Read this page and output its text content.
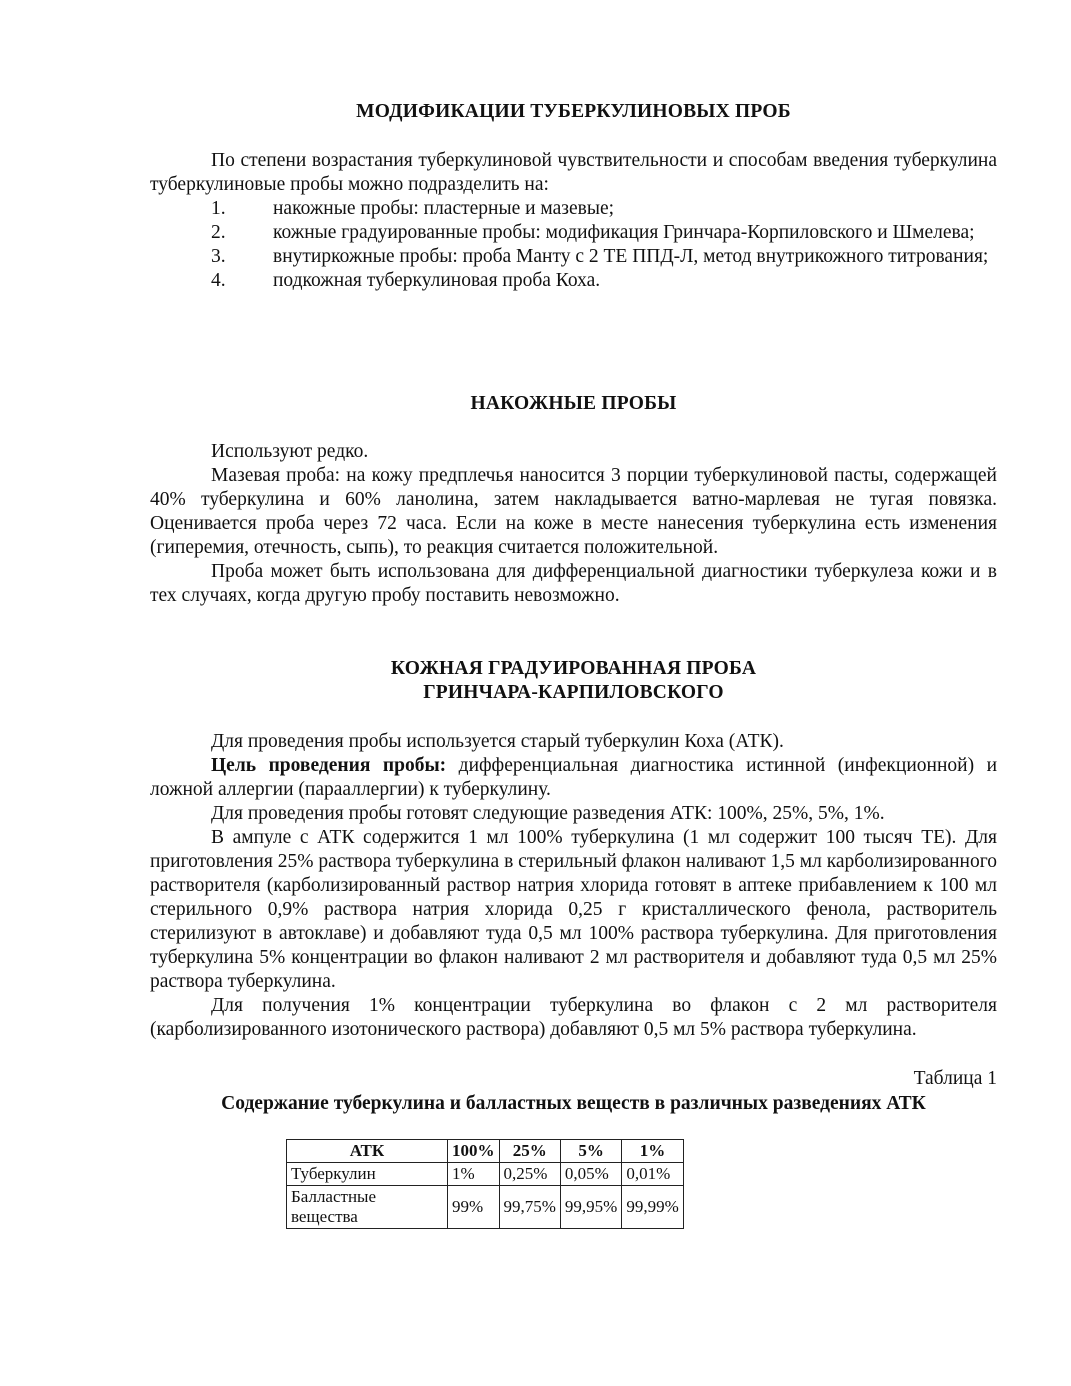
МОДИФИКАЦИИ ТУБЕРКУЛИНОВЫХ ПРОБ

По степени возрастания туберкулиновой чувствительности и способам введения туберкулина туберкулиновые пробы можно подразделить на:

1.	накожные пробы: пластерные и мазевые;
2.	кожные градуированные пробы: модификация Гринчара-Корпиловского и Шмелева;
3.	внутиркожные пробы: проба Манту с 2 ТЕ ППД-Л, метод внутрикожного титрования;
4.	подкожная туберкулиновая проба Коха.
НАКОЖНЫЕ ПРОБЫ

Используют редко.

Мазевая проба: на кожу предплечья наносится 3 порции туберкулиновой пасты, содержащей 40% туберкулина и 60% ланолина, затем накладывается ватно-марлевая не тугая повязка. Оценивается проба через 72 часа. Если на коже в месте нанесения туберкулина есть изменения (гиперемия, отечность, сыпь), то реакция считается положительной.

Проба может быть использована для дифференциальной диагностики туберкулеза кожи и в тех случаях, когда другую пробу поставить невозможно.

КОЖНАЯ ГРАДУИРОВАННАЯ ПРОБА
ГРИНЧАРА-КАРПИЛОВСКОГО

Для проведения пробы используется старый туберкулин Коха (АТК).

Цель проведения пробы: дифференциальная диагностика истинной (инфекционной) и ложной аллергии (парааллергии) к туберкулину.

Для проведения пробы готовят следующие разведения АТК: 100%, 25%, 5%, 1%.

В ампуле с АТК содержится 1 мл 100% туберкулина (1 мл содержит 100 тысяч ТЕ). Для приготовления 25% раствора туберкулина в стерильный флакон наливают 1,5 мл карболизированного растворителя (карболизированный раствор натрия хлорида готовят в аптеке прибавлением к 100 мл стерильного 0,9% раствора натрия хлорида 0,25 г кристаллического фенола, растворитель стерилизуют в автоклаве) и добавляют туда 0,5 мл 100% раствора туберкулина. Для приготовления туберкулина 5% концентрации во флакон наливают 2 мл растворителя и добавляют туда 0,5 мл 25% раствора туберкулина.

Для получения 1% концентрации туберкулина во флакон с 2 мл растворителя (карболизированного изотонического раствора) добавляют 0,5 мл 5% раствора туберкулина.

Таблица 1

Содержание туберкулина и балластных веществ в различных разведениях АТК

АТК	100%	25%	5%	1%
Туберкулин	1%	0,25%	0,05%	0,01%
Балластные вещества	99%	99,75%	99,95%	99,99%
